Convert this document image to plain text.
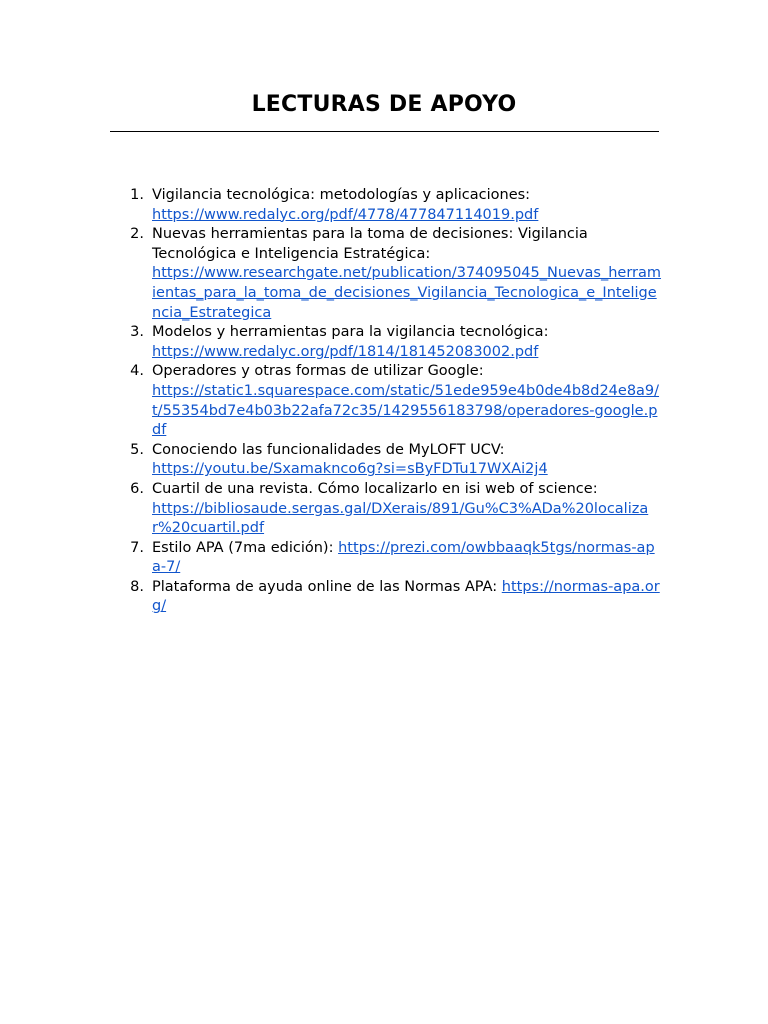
LECTURAS DE APOYO
1. Vigilancia tecnológica: metodologías y aplicaciones:
https://www.redalyc.org/pdf/4778/477847114019.pdf
2. Nuevas herramientas para la toma de decisiones: Vigilancia Tecnológica e Inteligencia Estratégica:
https://www.researchgate.net/publication/374095045_Nuevas_herramientas_para_la_toma_de_decisiones_Vigilancia_Tecnologica_e_Inteligencia_Estrategica
3. Modelos y herramientas para la vigilancia tecnológica:
https://www.redalyc.org/pdf/1814/181452083002.pdf
4. Operadores y otras formas de utilizar Google:
https://static1.squarespace.com/static/51ede959e4b0de4b8d24e8a9/t/55354bd7e4b03b22afa72c35/1429556183798/operadores-google.pdf
5. Conociendo las funcionalidades de MyLOFT UCV:
https://youtu.be/Sxamaknco6g?si=sByFDTu17WXAi2j4
6. Cuartil de una revista. Cómo localizarlo en isi web of science:
https://bibliosaude.sergas.gal/DXerais/891/Gu%C3%ADa%20localizar%20cuartil.pdf
7. Estilo APA (7ma edición): https://prezi.com/owbbaaqk5tgs/normas-apa-7/
8. Plataforma de ayuda online de las Normas APA: https://normas-apa.org/
